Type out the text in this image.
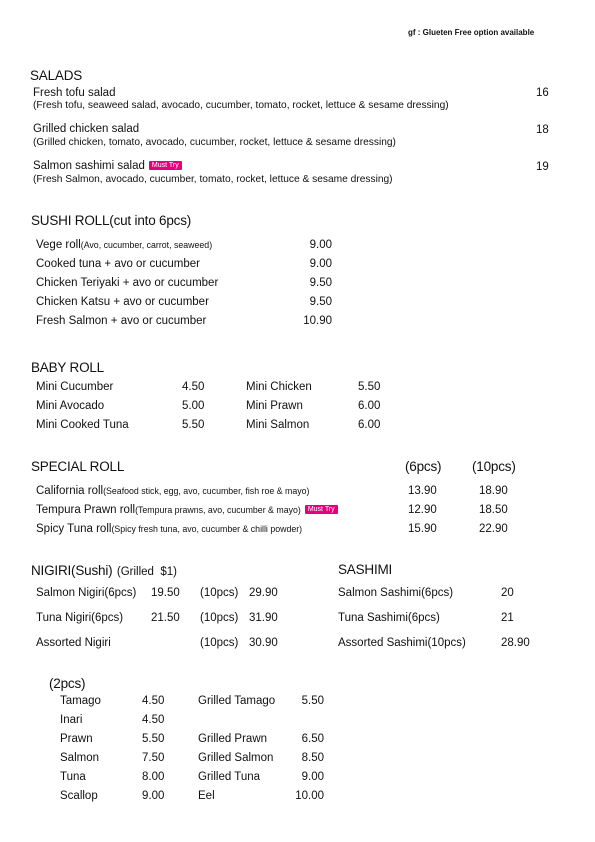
gf : Glueten Free option available
SALADS
Fresh tofu salad
(Fresh tofu, seaweed salad, avocado, cucumber, tomato, rocket, lettuce & sesame dressing)
16
Grilled chicken salad
(Grilled chicken, tomato, avocado, cucumber, rocket, lettuce & sesame dressing)
18
Salmon sashimi salad Must Try
(Fresh Salmon, avocado, cucumber, tomato, rocket, lettuce & sesame dressing)
19
SUSHI ROLL(cut into 6pcs)
Vege roll(Avo, cucumber, carrot, seaweed)	9.00
Cooked tuna + avo or cucumber	9.00
Chicken Teriyaki + avo or cucumber	9.50
Chicken Katsu + avo or cucumber	9.50
Fresh Salmon + avo or cucumber	10.90
BABY ROLL
Mini Cucumber	4.50	Mini Chicken	5.50
Mini Avocado	5.00	Mini Prawn	6.00
Mini Cooked Tuna	5.50	Mini Salmon	6.00
SPECIAL ROLL	(6pcs) (10pcs)
California roll(Seafood stick, egg, avo, cucumber, fish roe & mayo)	13.90	18.90
Tempura Prawn roll(Tempura prawns, avo, cucumber & mayo) Must Try	12.90	18.50
Spicy Tuna roll(Spicy fresh tuna, avo, cucumber & chilli powder)	15.90	22.90
NIGIRI(Sushi) (Grilled  $1)
Salmon Nigiri(6pcs) 19.50 (10pcs) 29.90
Tuna Nigiri(6pcs) 21.50 (10pcs) 31.90
Assorted Nigiri	(10pcs) 30.90
SASHIMI
Salmon Sashimi(6pcs)	20
Tuna Sashimi(6pcs)	21
Assorted Sashimi(10pcs)	28.90
(2pcs)
Tamago	4.50	Grilled Tamago	5.50
Inari	4.50
Prawn	5.50	Grilled Prawn	6.50
Salmon	7.50	Grilled Salmon	8.50
Tuna	8.00	Grilled Tuna	9.00
Scallop	9.00	Eel	10.00
